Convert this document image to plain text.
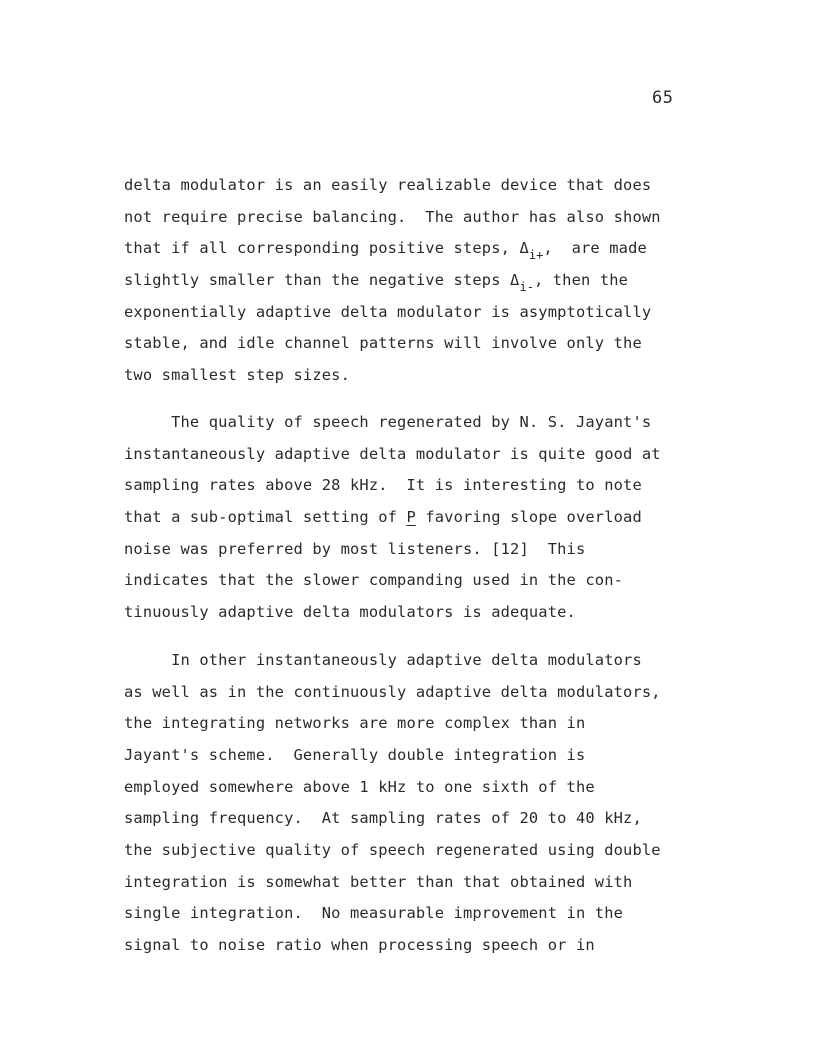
65
delta modulator is an easily realizable device that does
not require precise balancing.  The author has also shown
that if all corresponding positive steps, $\Delta_{i+}$,  are made
slightly smaller than the negative steps $\Delta_{i-}$, then the
exponentially adaptive delta modulator is asymptotically
stable, and idle channel patterns will involve only the
two smallest step sizes.
The quality of speech regenerated by N. S. Jayant's
instantaneously adaptive delta modulator is quite good at
sampling rates above 28 kHz.  It is interesting to note
that a sub-optimal setting of P favoring slope overload
noise was preferred by most listeners. [12]  This
indicates that the slower companding used in the con-
tinuously adaptive delta modulators is adequate.
In other instantaneously adaptive delta modulators
as well as in the continuously adaptive delta modulators,
the integrating networks are more complex than in
Jayant's scheme.  Generally double integration is
employed somewhere above 1 kHz to one sixth of the
sampling frequency.  At sampling rates of 20 to 40 kHz,
the subjective quality of speech regenerated using double
integration is somewhat better than that obtained with
single integration.  No measurable improvement in the
signal to noise ratio when processing speech or in
